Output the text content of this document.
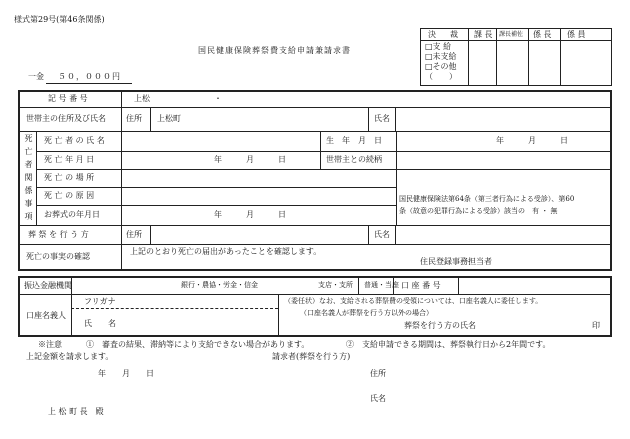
様式第29号(第46条関係)
国民健康保険葬祭費支給申請兼請求書
一金 ５０，０００円
決　裁 課 長 課長補佐 係 長 係 員
□支 給
□未支給
□その他
（　　）
記 号 番 号	上松	・
世帯主の住所及び氏名	住所 上松町	氏名
死亡者関係事項 死 亡 者 の 氏 名	生　年　月　日	年　　　月　　　日
死 亡 年 月 日	年　　　月　　　日	世帯主との続柄
死 亡 の 場 所
死 亡 の 原 因	国民健康保険法第64条（第三者行為による受診）、第60
条（故意の犯罪行為による受診）該当の　有 ・ 無
お葬式の年月日	年　　　月　　　日
葬 祭 を 行 う 方	住所	氏名
死亡の事実の確認
上記のとおり死亡の届出があったことを確認します。
住民登録事務担当者
振込金融機関	銀行・農協・労金・信金	支店・支所 普通・当座 口 座 番 号
口座名義人
フリガナ
氏　　名
（委任状）なお、支給される葬祭費の受領については、口座名義人に委任します。
（口座名義人が葬祭を行う方以外の場合）
葬祭を行う方の氏名	印
※注意	①　審査の結果、滞納等により支給できない場合があります。	②　支給申請できる期間は、葬祭執行日から2年間です。
上記金額を請求します。	請求者(葬祭を行う方)
年　　月　　日	住所
氏名
上 松 町 長　殿
